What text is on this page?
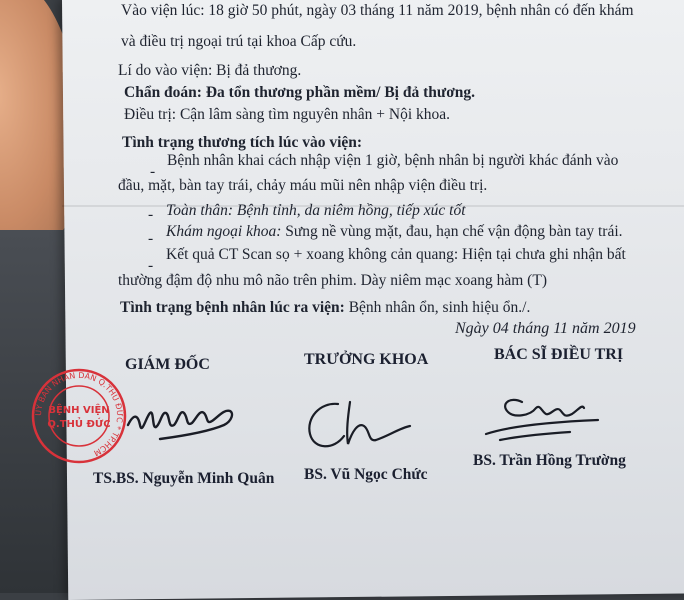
Vào viện lúc: 18 giờ 50 phút, ngày 03 tháng 11 năm 2019, bệnh nhân có đến khám
và điều trị ngoại trú tại khoa Cấp cứu.
Lí do vào viện: Bị đả thương.
Chẩn đoán: Đa tổn thương phần mềm/ Bị đả thương.
Điều trị: Cận lâm sàng tìm nguyên nhân + Nội khoa.
Tình trạng thương tích lúc vào viện:
-
Bệnh nhân khai cách nhập viện 1 giờ, bệnh nhân bị người khác đánh vào
đầu, mặt, bàn tay trái, chảy máu mũi nên nhập viện điều trị.
- Toàn thân: Bệnh tỉnh, da niêm hồng, tiếp xúc tốt
- Khám ngoại khoa: Sưng nề vùng mặt, đau, hạn chế vận động bàn tay trái.
-
Kết quả CT Scan sọ + xoang không cản quang: Hiện tại chưa ghi nhận bất
thường đậm độ nhu mô não trên phim. Dày niêm mạc xoang hàm (T)
Tình trạng bệnh nhân lúc ra viện: Bệnh nhân ổn, sinh hiệu ổn./.
Ngày 04 tháng 11 năm 2019
GIÁM ĐỐC	TRƯỞNG KHOA	BÁC SĨ ĐIỀU TRỊ
ỦY BAN NHÂN DÂN Q.THỦ ĐỨC * TP.HCM
BỆNH VIỆN
Q.THỦ ĐỨC
TS.BS. Nguyễn Minh Quân BS. Vũ Ngọc Chức
BS. Trần Hồng Trường
